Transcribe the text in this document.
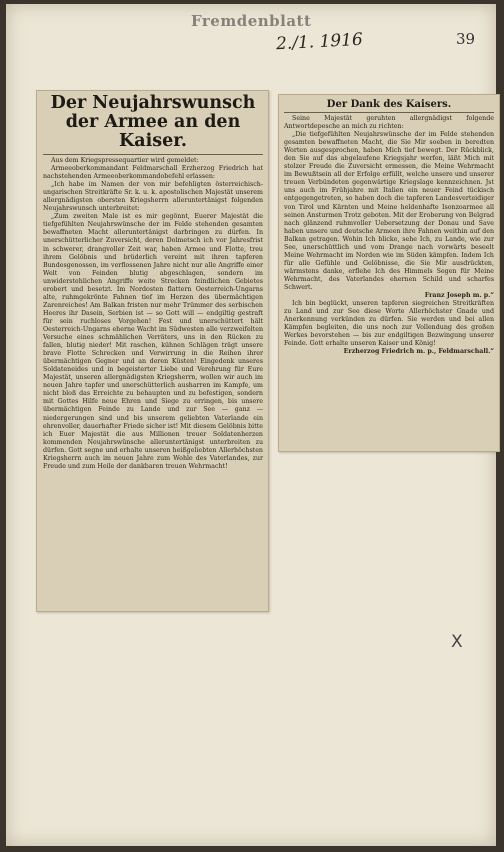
Fremdenblatt
2./1. 1916	39
Der Neujahrswunsch der Armee an den Kaiser.

Aus dem Kriegspressequartier wird gemeldet:

Armeeoberkommandant Feldmarschall Erzherzog Friedrich hat nachstehenden Armeeoberkommandobefehl erlassen:

„Ich habe im Namen der von mir befehligten österreichisch-ungarischen Streitkräfte Sr. k. u. k. apostolischen Majestät unserem allergnädigsten obersten Kriegsherrn alleruntertänigst folgenden Neujahrswunsch unterbreitet:

„Zum zweiten Male ist es mir gegönnt, Euerer Majestät die tiefgefühlten Neujahrswünsche der im Felde stehenden gesamten bewaffneten Macht alleruntertänigst darbringen zu dürfen. In unerschütterlicher Zuversicht, deren Dolmetsch ich vor Jahresfrist in schwerer, drangvoller Zeit war, haben Armee und Flotte, treu ihrem Gelöbnis und brüderlich vereint mit ihren tapferen Bundesgenossen, im verflossenen Jahre nicht nur alle Angriffe einer Welt von Feinden blutig abgeschlagen, sondern im unwiderstehlichen Angriffe weite Strecken feindlichen Gebietes erobert und besetzt. Im Nordosten flattern Oesterreich-Ungarns alte, ruhmgekrönte Fahnen tief im Herzen des übermächtigen Zarenreiches! Am Balkan fristen nur mehr Trümmer des serbischen Heeres ihr Dasein, Serbien ist — so Gott will — endgiltig gestraft für sein ruchloses Vorgehen! Fest und unerschüttert hält Oesterreich-Ungarns eherne Wacht im Südwesten alle verzweifelten Versuche eines schmählichen Verräters, uns in den Rücken zu fallen, blutig nieder! Mit raschen, kühnen Schlägen trägt unsere brave Flotte Schrecken und Verwirrung in die Reihen ihrer übermächtigen Gegner und an deren Küsten! Eingedenk unseres Soldateneides und in begeisterter Liebe und Verehrung für Eure Majestät, unseren allergnädigsten Kriegsherrn, wollen wir auch im neuen Jahre tapfer und unerschütterlich ausharren im Kampfe, um nicht bloß das Erreichte zu behaupten und zu befestigen, sondern mit Gottes Hilfe neue Ehren und Siege zu erringen, bis unsere übermächtigen Feinde zu Lande und zur See — ganz — niedergerungen sind und bis unserem geliebten Vaterlande ein ehrenvoller, dauerhafter Friede sicher ist! Mit diesem Gelöbnis bitte ich Euer Majestät die aus Millionen treuer Soldatenherzen kommenden Neujahrswünsche alleruntertänigst unterbreiten zu dürfen. Gott segne und erhalte unseren heißgeliebten Allerhöchsten Kriegsherrn auch im neuen Jahre zum Wohle des Vaterlandes, zur Freude und zum Heile der dankbaren treuen Wehrmacht!

Der Dank des Kaisers.

Seine Majestät geruhten allergnädigst folgende Antwortdepesche an mich zu richten:

„Die tiefgefühlten Neujahrswünsche der im Felde stehenden gesamten bewaffneten Macht, die Sie Mir soeben in beredten Worten ausgesprochen, haben Mich tief bewegt. Der Rückblick, den Sie auf das abgelaufene Kriegsjahr werfen, läßt Mich mit stolzer Freude die Zuversicht ermessen, die Meine Wehrmacht im Bewußtsein all der Erfolge erfüllt, welche unsere und unserer treuen Verbündeten gegenwärtige Kriegslage kennzeichnen. Jst uns auch im Frühjahre mit Italien ein neuer Feind tückisch entgegengetreten, so haben doch die tapferen Landesverteidiger von Tirol und Kärnten und Meine heldenhafte Isonzoarmee all seinen Ansturmen Trotz geboten. Mit der Eroberung von Belgrad nach glänzend ruhmvoller Uebersetzung der Donau und Save haben unsere und deutsche Armeen ihre Fahnen weithin auf den Balkan getragen. Wohin Ich blicke, sehe Ich, zu Lande, wie zur See, unerschüttlich und vom Drange nach vorwärts beseelt Meine Wehrmacht im Norden wie im Süden kämpfen. Indem Ich für alle Gefühle und Gelöbnisse, die Sie Mir ausdrückten, wärmstens danke, erflehe Ich des Himmels Segen für Meine Wehrmacht, des Vaterlandes ehernen Schild und scharfes Schwert.

Franz Joseph m. p.“

Ich bin beglückt, unseren tapferen siegreichen Streitkräften zu Land und zur See diese Worte Allerhöchster Gnade und Anerkennung verkünden zu dürfen. Sie werden und bei allen Kämpfen begleiten, die uns noch zur Vollendung des großen Werkes bevorstehen — bis zur endgiltigen Bezwingung unserer Feinde. Gott erhalte unseren Kaiser und König!

Erzherzog Friedrich m. p., Feldmarschall.“

X
